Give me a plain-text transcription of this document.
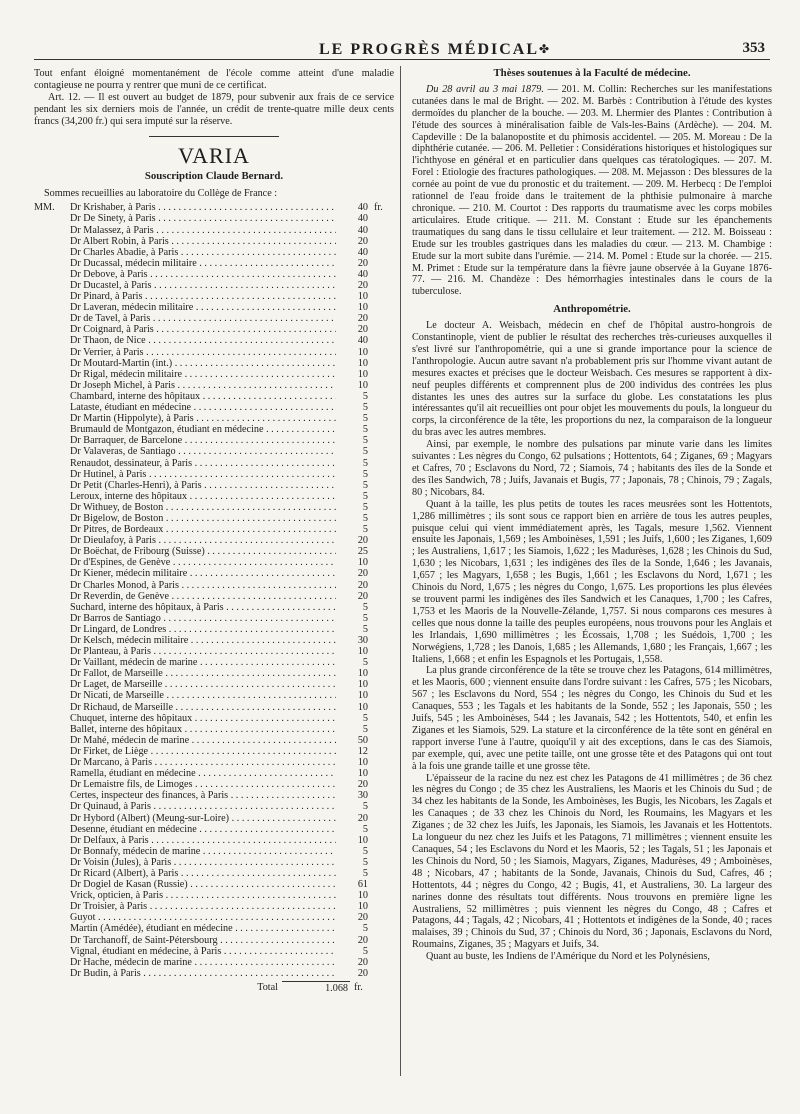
LE PROGRÈS MÉDICAL ✤	353

Tout enfant éloigné momentanément de l'école comme atteint d'une maladie contagieuse ne pourra y rentrer que muni de ce certificat.

Art. 12. — Il est ouvert au budget de 1879, pour subvenir aux frais de ce service pendant les six derniers mois de l'année, un crédit de trente-quatre mille deux cents francs (34,200 fr.) qui sera imputé sur la réserve.

VARIA
Souscription Claude Bernard.
Sommes recueillies au laboratoire du Collège de France :
MM.	Dr Krishaber, à Paris . . .	40 fr.
Dr De Sinety, à Paris . . .	40
Dr Malassez, à Paris . . .	40
Dr Albert Robin, à Paris . . .	20
Dr Charles Abadie, à Paris . . .	40
Dr Ducassal, médecin militaire . . .	20
Dr Debove, à Paris . . .	40
Dr Ducastel, à Paris . . .	20
Dr Pinard, à Paris . . .	10
Dr Laveran, médecin militaire . . .	10
Dr de Tavel, à Paris . . .	20
Dr Coignard, à Paris . . .	20
Dr Thaon, de Nice . . .	40
Dr Verrier, à Paris . . .	10
Dr Moutard-Martin (int.) . . .	10
Dr Rigal, médecin militaire . . .	10
Dr Joseph Michel, à Paris . . .	10
Chambard, interne des hôpitaux . . .	5
Lataste, étudiant en médecine . . .	5
Dr Martin (Hippolyte), à Paris . . .	5
Brumauld de Montgazon, étudiant en médecine . . .	5
Dr Barraquer, de Barcelone . . .	5
Dr Valaveras, de Santiago . . .	5
Renaudot, dessinateur, à Paris . . .	5
Dr Hutinel, à Paris . . .	5
Dr Petit (Charles-Henri), à Paris . . .	5
Leroux, interne des hôpitaux . . .	5
Dr Withuey, de Boston . . .	5
Dr Bigelow, de Boston . . .	5
Dr Pitres, de Bordeaux . . .	5
Dr Dieulafoy, à Paris . . .	20
Dr Boëchat, de Fribourg (Suisse) . . .	25
Dr d'Espines, de Genève . . .	10
Dr Kiener, médecin militaire . . .	20
Dr Charles Monod, à Paris . . .	20
Dr Reverdin, de Genève . . .	20
Suchard, interne des hôpitaux, à Paris . . .	5
Dr Barros de Santiago . . .	5
Dr Lingard, de Londres . . .	5
Dr Kelsch, médecin militaire . . .	30
Dr Planteau, à Paris . . .	10
Dr Vaillant, médecin de marine . . .	5
Dr Fallot, de Marseille . . .	10
Dr Laget, de Marseille . . .	10
Dr Nicati, de Marseille . . .	10
Dr Richaud, de Marseille . . .	10
Chuquet, interne des hôpitaux . . .	5
Ballet, interne des hôpitaux . . .	5
Dr Mahé, médecin de marine . . .	50
Dr Firket, de Liège . . .	12
Dr Marcano, à Paris . . .	10
Ramella, étudiant en médecine . . .	10
Dr Lemaistre fils, de Limoges . . .	20
Certes, inspecteur des finances, à Paris . . .	30
Dr Quinaud, à Paris . . .	5
Dr Hybord (Albert) (Meung-sur-Loire) . . .	20
Desenne, étudiant en médecine . . .	5
Dr Delfaux, à Paris . . .	10
Dr Bonnafy, médecin de marine . . .	5
Dr Voisin (Jules), à Paris . . .	5
Dr Ricard (Albert), à Paris . . .	5
Dr Dogiel de Kasan (Russie) . . .	61
Vrick, opticien, à Paris . . .	10
Dr Troisier, à Paris . . .	10
Guyot . . .	20
Martin (Amédée), étudiant en médecine . . .	5
Dr Tarchanoff, de Saint-Pétersbourg . . .	20
Vignal, étudiant en médecine, à Paris . . .	5
Dr Hache, médecin de marine . . .	20
Dr Budin, à Paris . . .	20
Total	1.068 fr.
Thèses soutenues à la Faculté de médecine.

Du 28 avril au 3 mai 1879. — 201. M. Collin: Recherches sur les manifestations cutanées dans le mal de Bright. — 202. M. Barbès : Contribution à l'étude des kystes dermoïdes du plancher de la bouche. — 203. M. Lhermier des Plantes : Contribution à l'étude des sources à minéralisation faible de Vals-les-Bains (Ardèche). — 204. M. Capdeville : De la balanopostite et du phimosis accidentel. — 205. M. Moreau : De la diphthérie cutanée. — 206. M. Pelletier : Considérations historiques et histologiques sur l'ichthyose en général et en particulier dans quelques cas tératologiques. — 207. M. Forel : Etiologie des fractures pathologiques. — 208. M. Mejasson : Des blessures de la cornée au point de vue du pronostic et du traitement. — 209. M. Herbecq : De l'emploi rationnel de l'eau froide dans le traitement de la phthisie pulmonaire à marche chronique. — 210. M. Courtot : Des rapports du traumatisme avec les corps mobiles articulaires. Etude critique. — 211. M. Constant : Etude sur les épanchements traumatiques du sang dans le tissu cellulaire et leur traitement. — 212. M. Boisseau : Etude sur les troubles gastriques dans les maladies du cœur. — 213. M. Chambige : Etude sur la mort subite dans l'urémie. — 214. M. Pomel : Etude sur la chorée. — 215. M. Primet : Etude sur la température dans la fièvre jaune observée à la Guyane 1876-77. — 216. M. Chandèze : Des hémorrhagies intestinales dans le cours de la tuberculose.

Anthropométrie.

Le docteur A. Weisbach, médecin en chef de l'hôpital austro-hongrois de Constantinople, vient de publier le résultat des recherches très-curieuses auxquelles il s'est livré sur l'anthropométrie, qui a une si grande importance pour la science de l'anthropologie. Aucun autre savant n'a probablement pris sur l'homme vivant autant de mesures exactes et précises que le docteur Weisbach. Ces mesures se rapportent à dix-neuf peuples différents et comprennent plus de 200 individus des contrées les plus distantes les unes des autres sur la surface du globe. Les constatations les plus intéressantes qu'il ait recueillies ont pour objet les mouvements du pouls, la longueur du corps, la circonférence de la tête, les proportions du nez, la comparaison de la longueur du bras avec les autres membres.

Ainsi, par exemple, le nombre des pulsations par minute varie dans les limites suivantes : Les nègres du Congo, 62 pulsations ; Hottentots, 64 ; Ziganes, 69 ; Magyars et Cafres, 70 ; Esclavons du Nord, 72 ; Siamois, 74 ; habitants des îles de la Sonde et des îles Sandwich, 78 ; Juifs, Javanais et Bugis, 77 ; Japonais, 78 ; Chinois, 79 ; Zagals, 80 ; Nicobars, 84.

Quant à la taille, les plus petits de toutes les races meusrées sont les Hottentots, 1,286 millimètres ; ils sont sous ce rapport bien en arrière de tous les autres peuples, puisque celui qui vient immédiatement après, les Tagals, mesure 1,562. Viennent ensuite les Japonais, 1,569 ; les Amboinèses, 1,591 ; les Juifs, 1,600 ; les Ziganes, 1,609 ; les Australiens, 1,617 ; les Siamois, 1,622 ; les Madurèses, 1,628 ; les Chinois du Sud, 1,630 ; les Nicobars, 1,631 ; les indigènes des îles de la Sonde, 1,646 ; les Javanais, 1,657 ; les Magyars, 1,658 ; les Bugis, 1,661 ; les Esclavons du Nord, 1,671 ; les Chinois du Nord, 1,675 ; les nègres du Congo, 1,675. Les proportions les plus élevées se trouvent parmi les indigènes des îles Sandwich et les Canaques, 1,700 ; les Cafres, 1,753 et les Maoris de la Nouvelle-Zélande, 1,757. Si nous comparons ces mesures à celles que nous donne la taille des peuples européens, nous trouvons pour les Anglais et les Irlandais, 1,690 millimètres ; les Écossais, 1,708 ; les Suédois, 1,700 ; les Norwégiens, 1,728 ; les Danois, 1,685 ; les Allemands, 1,680 ; les Français, 1,667 ; les Italiens, 1,668 ; et enfin les Espagnols et les Portugais, 1,558.

La plus grande circonférence de la tête se trouve chez les Patagons, 614 millimètres, et les Maoris, 600 ; viennent ensuite dans l'ordre suivant : les Cafres, 575 ; les Nicobars, 567 ; les Esclavons du Nord, 554 ; les nègres du Congo, les Chinois du Sud et les Canaques, 553 ; les Tagals et les habitants de la Sonde, 552 ; les Japonais, 550 ; les Juifs, 545 ; les Amboinèses, 544 ; les Javanais, 542 ; les Hottentots, 540, et enfin les Ziganes et les Siamois, 529. La stature et la circonférence de la tête sont en général en rapport inverse l'une à l'autre, quoiqu'il y ait des exceptions, dans le cas des Siamois, par exemple, qui, avec une petite taille, ont une grosse tête et des Patagons qui ont tout à la fois une grande taille et une grosse tête.

L'épaisseur de la racine du nez est chez les Patagons de 41 millimètres ; de 36 chez les nègres du Congo ; de 35 chez les Australiens, les Maoris et les Chinois du Sud ; de 34 chez les habitants de la Sonde, les Amboinèses, les Bugis, les Nicobars, les Zagals et les Canaques ; de 33 chez les Chinois du Nord, les Roumains, les Magyars et les Ziganes ; de 32 chez les Juifs, les Japonais, les Siamois, les Javanais et les Hottentots. La longueur du nez chez les Juifs et les Patagons, 71 millimètres ; viennent ensuite les Canaques, 54 ; les Esclavons du Nord et les Maoris, 52 ; les Tagals, 51 ; les Japonais et les Chinois du Nord, 50 ; les Siamois, Magyars, Ziganes, Madurèses, 49 ; Amboinèses, 48 ; Nicobars, 47 ; habitants de la Sonde, Javanais, Chinois du Sud, Cafres, 46 ; Hottentots, 44 ; nègres du Congo, 42 ; Bugis, 41, et Australiens, 30. La largeur des narines donne des résultats tout différents. Nous trouvons en première ligne les Australiens, 52 millimètres ; puis viennent les nègres du Congo, 48 ; Cafres et Patagons, 44 ; Tagals, 42 ; Nicobars, 41 ; Hottentots et indigènes de la Sonde, 40 ; races malaises, 39 ; Chinois du Sud, 37 ; Chinois du Nord, 36 ; Japonais, Esclavons du Nord, Roumains, Ziganes, 35 ; Magyars et Juifs, 34.

Quant au buste, les Indiens de l'Amérique du Nord et les Polynésiens,
